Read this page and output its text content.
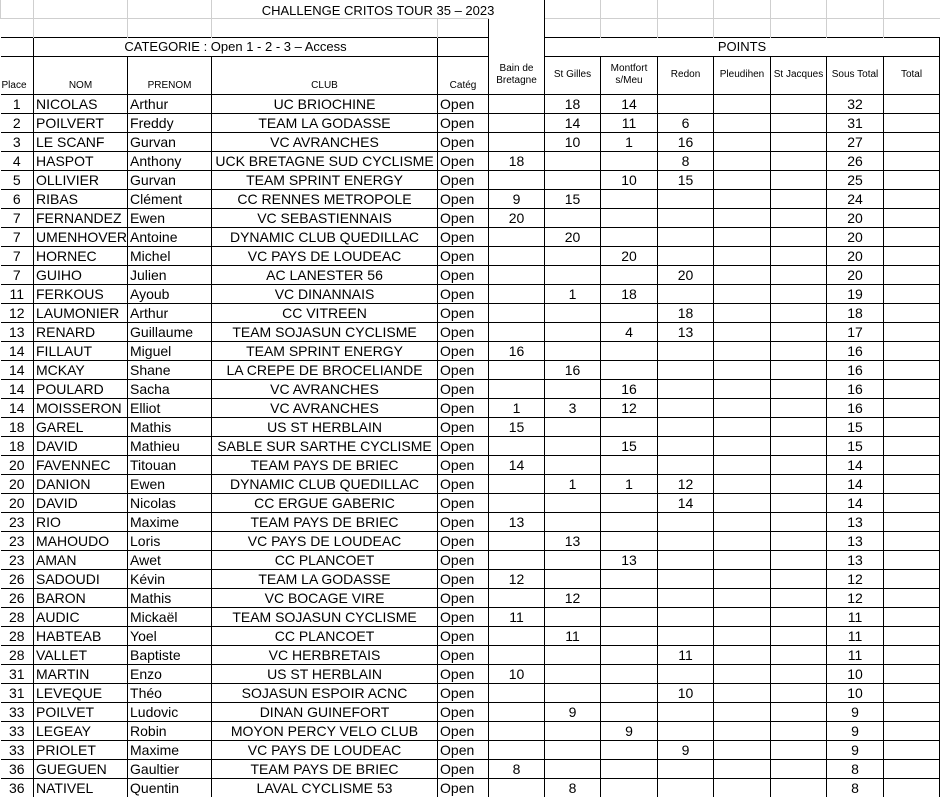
			CHALLENGE CRITOS TOUR 35 – 2023									

	CATEGORIE : Open 1 - 2 - 3 – Access					POINTS						
Place	NOM	PRENOM	CLUB	Catég	Bain de Bretagne	St Gilles	Montfort s/Meu	Redon	Pleudihen	St Jacques	Sous Total	Total
1	NICOLAS	Arthur	UC BRIOCHINE	Open		18	14				32	
2	POILVERT	Freddy	TEAM LA GODASSE	Open		14	11	6			31	
3	LE SCANF	Gurvan	VC AVRANCHES	Open		10	1	16			27	
4	HASPOT	Anthony	UCK BRETAGNE SUD CYCLISME	Open	18			8			26	
5	OLLIVIER	Gurvan	TEAM SPRINT ENERGY	Open			10	15			25	
6	RIBAS	Clément	CC RENNES METROPOLE	Open	9	15					24	
7	FERNANDEZ	Ewen	VC SEBASTIENNAIS	Open	20						20	
7	UMENHOVER	Antoine	DYNAMIC CLUB QUEDILLAC	Open		20					20	
7	HORNEC	Michel	VC PAYS DE LOUDEAC	Open			20				20	
7	GUIHO	Julien	AC LANESTER 56	Open				20			20	
11	FERKOUS	Ayoub	VC DINANNAIS	Open		1	18				19	
12	LAUMONIER	Arthur	CC VITREEN	Open				18			18	
13	RENARD	Guillaume	TEAM SOJASUN CYCLISME	Open			4	13			17	
14	FILLAUT	Miguel	TEAM SPRINT ENERGY	Open	16						16	
14	MCKAY	Shane	LA CREPE DE BROCELIANDE	Open		16					16	
14	POULARD	Sacha	VC AVRANCHES	Open			16				16	
14	MOISSERON	Elliot	VC AVRANCHES	Open	1	3	12				16	
18	GAREL	Mathis	US ST HERBLAIN	Open	15						15	
18	DAVID	Mathieu	SABLE SUR SARTHE CYCLISME	Open			15				15	
20	FAVENNEC	Titouan	TEAM PAYS DE BRIEC	Open	14						14	
20	DANION	Ewen	DYNAMIC CLUB QUEDILLAC	Open		1	1	12			14	
20	DAVID	Nicolas	CC ERGUE GABERIC	Open				14			14	
23	RIO	Maxime	TEAM PAYS DE BRIEC	Open	13						13	
23	MAHOUDO	Loris	VC PAYS DE LOUDEAC	Open		13					13	
23	AMAN	Awet	CC PLANCOET	Open			13				13	
26	SADOUDI	Kévin	TEAM LA GODASSE	Open	12						12	
26	BARON	Mathis	VC BOCAGE VIRE	Open		12					12	
28	AUDIC	Mickaël	TEAM SOJASUN CYCLISME	Open	11						11	
28	HABTEAB	Yoel	CC PLANCOET	Open		11					11	
28	VALLET	Baptiste	VC HERBRETAIS	Open				11			11	
31	MARTIN	Enzo	US ST HERBLAIN	Open	10						10	
31	LEVEQUE	Théo	SOJASUN ESPOIR ACNC	Open				10			10	
33	POILVET	Ludovic	DINAN GUINEFORT	Open		9					9	
33	LEGEAY	Robin	MOYON PERCY VELO CLUB	Open			9				9	
33	PRIOLET	Maxime	VC PAYS DE LOUDEAC	Open				9			9	
36	GUEGUEN	Gaultier	TEAM PAYS DE BRIEC	Open	8						8	
36	NATIVEL	Quentin	LAVAL CYCLISME 53	Open		8					8	
